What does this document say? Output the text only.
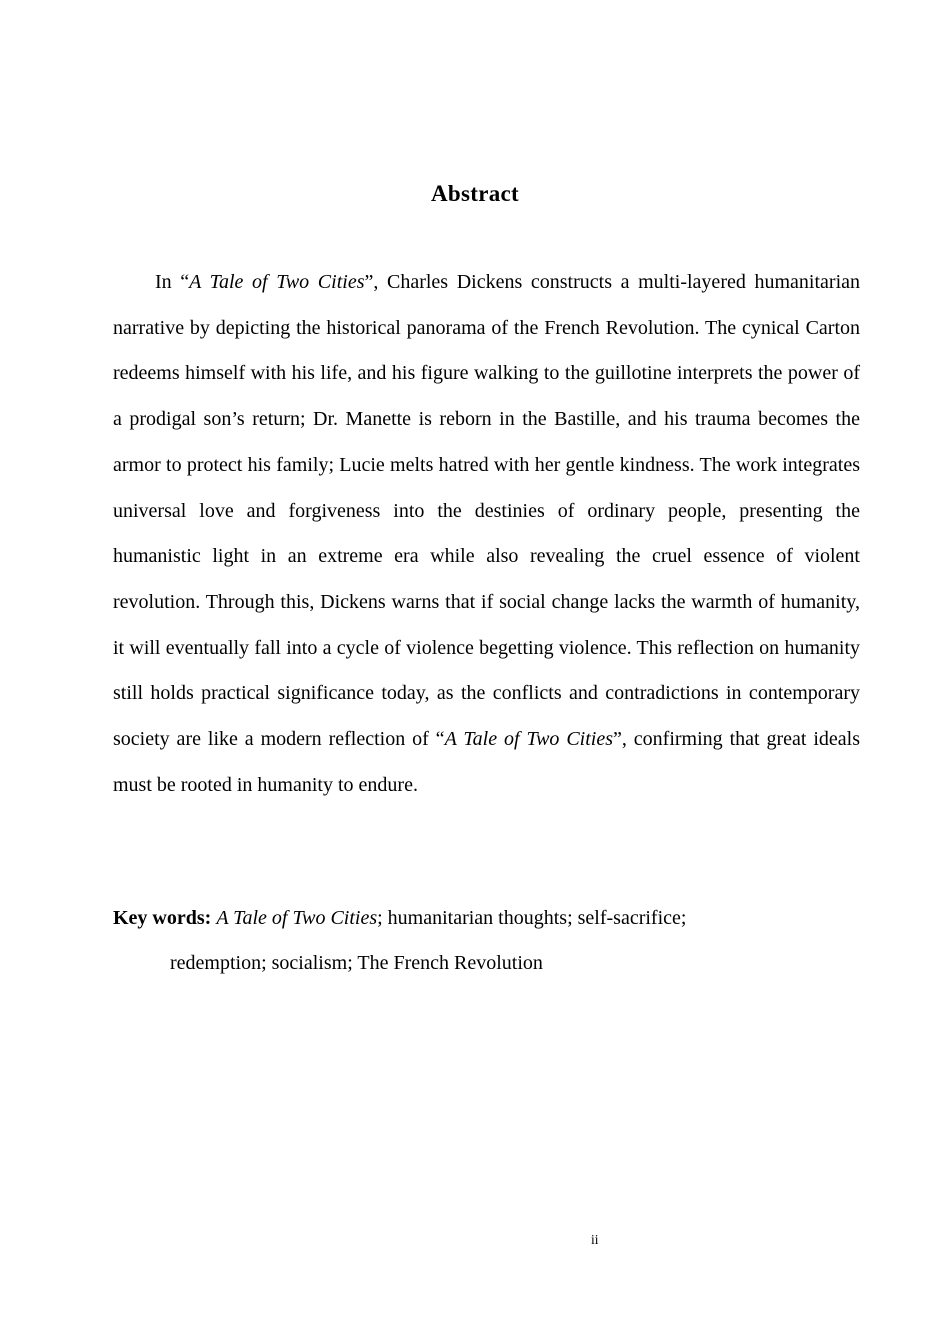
Abstract

In “A Tale of Two Cities”, Charles Dickens constructs a multi-layered humanitarian narrative by depicting the historical panorama of the French Revolution. The cynical Carton redeems himself with his life, and his figure walking to the guillotine interprets the power of a prodigal son’s return; Dr. Manette is reborn in the Bastille, and his trauma becomes the armor to protect his family; Lucie melts hatred with her gentle kindness. The work integrates universal love and forgiveness into the destinies of ordinary people, presenting the humanistic light in an extreme era while also revealing the cruel essence of violent revolution. Through this, Dickens warns that if social change lacks the warmth of humanity, it will eventually fall into a cycle of violence begetting violence. This reflection on humanity still holds practical significance today, as the conflicts and contradictions in contemporary society are like a modern reflection of “A Tale of Two Cities”, confirming that great ideals must be rooted in humanity to endure.

Key words: A Tale of Two Cities; humanitarian thoughts; self-sacrifice;

redemption; socialism; The French Revolution

ii
